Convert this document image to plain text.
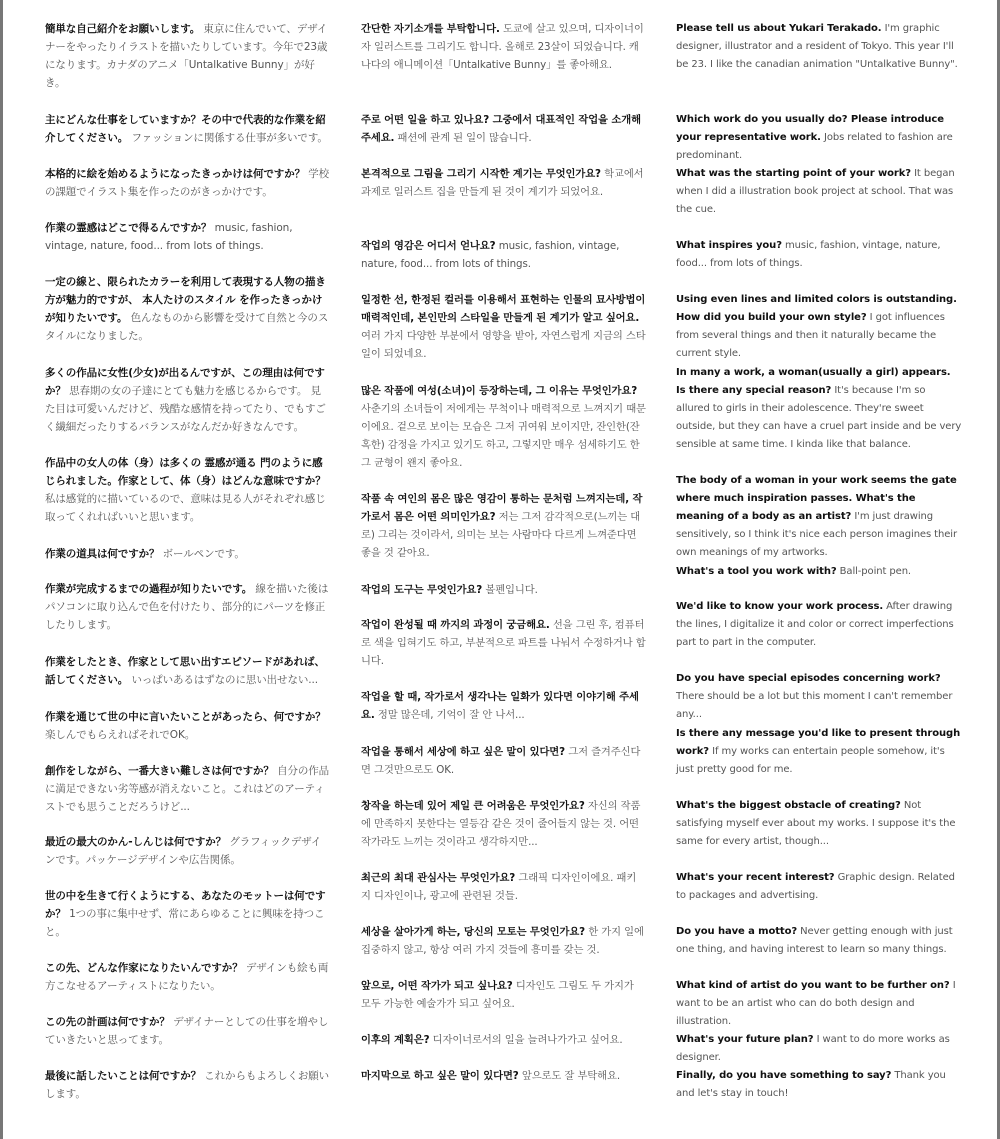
簡単な自己紹介をお願いします。 東京に住んでいて、デザイナーをやったりイラストを描いたりしています。今年で23歳になります。カナダのアニメ「Untalkative Bunny」が好き。
主にどんな仕事をしていますか？その中で代表的な作業を紹介してください。 ファッションに関係する仕事が多いです。
本格的に絵を始めるようになったきっかけは何ですか？ 学校の課題でイラスト集を作ったのがきっかけです。
作業の霊感はどこで得るんですか？ music, fashion, vintage, nature, food... from lots of things.
一定の線と、限られたカラーを利用して表現する人物の描き方が魅力的ですが、 本人たけのスタイル を作ったきっかけが知りたいです。 色んなものから影響を受けて自然と今のスタイルになりました。
多くの作品に女性(少女)が出るんですが、この理由は何ですか？ 思春期の女の子達にとても魅力を感じるからです。 見た目は可愛いんだけど、残酷な感情を持ってたり、でもすごく繊細だったりするバランスがなんだか好きなんです。
作品中の女人の体（身）は多くの 霊感が通る 門のように感じられました。作家として、体（身）はどんな意味ですか？ 私は感覚的に描いているので、意味は見る人がそれぞれ感じ取ってくれればいいと思います。
作業の道具は何ですか？ ボールペンです。
作業が完成するまでの過程が知りたいです。 線を描いた後はパソコンに取り込んで色を付けたり、部分的にパーツを修正したりします。
作業をしたとき、作家として思い出すエピソードがあれば、話してください。 いっぱいあるはずなのに思い出せない...
作業を通じて世の中に言いたいことがあったら、何ですか？ 楽しんでもらえればそれでOK。
創作をしながら、一番大きい難しさは何ですか？ 自分の作品に満足できない劣等感が消えないこと。これはどのアーティストでも思うことだろうけど...
最近の最大のかん-しんじは何ですか？ グラフィックデザインです。パッケージデザインや広告関係。
世の中を生きて行くようにする、あなたのモットーは何ですか？ 1つの事に集中せず、常にあらゆることに興味を持つこと。
この先、どんな作家になりたいんですか？ デザインも絵も両方こなせるアーティストになりたい。
この先の計画は何ですか？ デザイナーとしての仕事を増やしていきたいと思ってます。
最後に話したいことは何ですか？ これからもよろしくお願いします。
간단한 자기소개를 부탁합니다. 도쿄에 살고 있으며, 디자이너이자 일러스트를 그리기도 합니다. 올해로 23살이 되었습니다. 캐나다의 애니메이션「Untalkative Bunny」를 좋아해요.
주로 어떤 일을 하고 있나요? 그중에서 대표적인 작업을 소개해 주세요. 패션에 관계 된 일이 많습니다.
본격적으로 그림을 그리기 시작한 계기는 무엇인가요? 학교에서 과제로 일러스트 집을 만들게 된 것이 계기가 되었어요.
작업의 영감은 어디서 얻나요? music, fashion, vintage, nature, food... from lots of things.
일정한 선, 한정된 컬러를 이용해서 표현하는 인물의 묘사방법이 매력적인데, 본인만의 스타일을 만들게 된 계기가 알고 싶어요. 여러 가지 다양한 부분에서 영향을 받아, 자연스럽게 지금의 스타일이 되었네요.
많은 작품에 여성(소녀)이 등장하는데, 그 이유는 무엇인가요? 사춘기의 소녀들이 저에게는 무척이나 매력적으로 느껴지기 때문이에요. 겉으로 보이는 모습은 그저 귀여워 보이지만, 잔인한(잔혹한) 감정을 가지고 있기도 하고, 그렇지만 매우 섬세하기도 한 그 균형이 왠지 좋아요.
작품 속 여인의 몸은 많은 영감이 통하는 문처럼 느껴지는데, 작가로서 몸은 어떤 의미인가요? 저는 그저 감각적으로(느끼는 대로) 그리는 것이라서, 의미는 보는 사람마다 다르게 느껴준다면 좋을 것 같아요.
작업의 도구는 무엇인가요? 볼펜입니다.
작업이 완성될 때 까지의 과정이 궁금해요. 선을 그린 후, 컴퓨터로 색을 입혀기도 하고, 부분적으로 파트를 나눠서 수정하거나 합니다.
작업을 할 때, 작가로서 생각나는 일화가 있다면 이야기해 주세요. 정말 많은데, 기억이 잘 안 나서...
작업을 통해서 세상에 하고 싶은 말이 있다면? 그저 즐겨주신다면 그것만으로도 OK.
창작을 하는데 있어 제일 큰 어려움은 무엇인가요? 자신의 작품에 만족하지 못한다는 열등감 같은 것이 줄어들지 않는 것. 어떤 작가라도 느끼는 것이라고 생각하지만...
최근의 최대 관심사는 무엇인가요? 그래픽 디자인이에요. 패키지 디자인이나, 광고에 관련된 것들.
세상을 살아가게 하는, 당신의 모토는 무엇인가요? 한 가지 일에 집중하지 않고, 항상 여러 가지 것들에 흥미를 갖는 것.
앞으로, 어떤 작가가 되고 싶나요? 디자인도 그림도 두 가지가 모두 가능한 예술가가 되고 싶어요.
이후의 계획은? 디자이너로서의 일을 늘려나가가고 싶어요.
마지막으로 하고 싶은 말이 있다면? 앞으로도 잘 부탁해요.
Please tell us about Yukari Terakado. I'm graphic designer, illustrator and a resident of Tokyo. This year I'll be 23. I like the canadian animation "Untalkative Bunny".
Which work do you usually do? Please introduce your representative work. Jobs related to fashion are predominant.
What was the starting point of your work? It began when I did a illustration book project at school. That was the cue.
What inspires you? music, fashion, vintage, nature, food... from lots of things.
Using even lines and limited colors is outstanding. How did you build your own style? I got influences from several things and then it naturally became the current style.
In many a work, a woman(usually a girl) appears. Is there any special reason? It's because I'm so allured to girls in their adolescence. They're sweet outside, but they can have a cruel part inside and be very sensible at same time. I kinda like that balance.
The body of a woman in your work seems the gate where much inspiration passes. What's the meaning of a body as an artist? I'm just drawing sensitively, so I think it's nice each person imagines their own meanings of my artworks.
What's a tool you work with? Ball-point pen.
We'd like to know your work process. After drawing the lines, I digitalize it and color or correct imperfections part to part in the computer.
Do you have special episodes concerning work? There should be a lot but this moment I can't remember any...
Is there any message you'd like to present through work? If my works can entertain people somehow, it's just pretty good for me.
What's the biggest obstacle of creating? Not satisfying myself ever about my works. I suppose it's the same for every artist, though...
What's your recent interest? Graphic design. Related to packages and advertising.
Do you have a motto? Never getting enough with just one thing, and having interest to learn so many things.
What kind of artist do you want to be further on? I want to be an artist who can do both design and illustration.
What's your future plan? I want to do more works as designer.
Finally, do you have something to say? Thank you and let's stay in touch!
